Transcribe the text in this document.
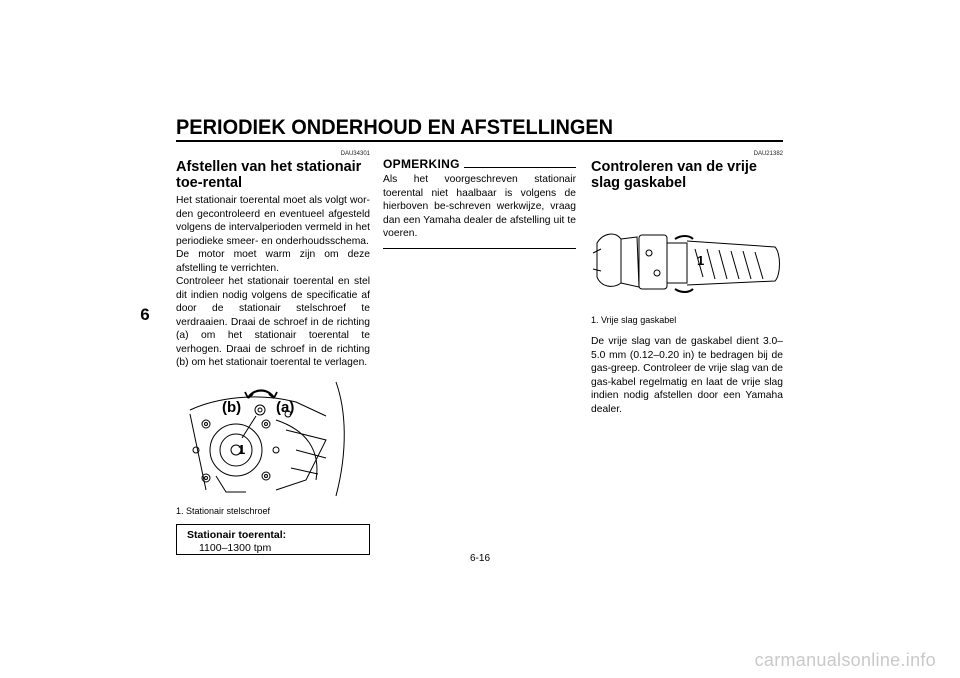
PERIODIEK ONDERHOUD EN AFSTELLINGEN
6
DAU34301
Afstellen van het stationair toe-rental

Het stationair toerental moet als volgt wor-den gecontroleerd en eventueel afgesteld volgens de intervalperioden vermeld in het periodieke smeer- en onderhoudsschema.

De motor moet warm zijn om deze afstelling te verrichten.

Controleer het stationair toerental en stel dit indien nodig volgens de specificatie af door de stationair stelschroef te verdraaien. Draai de schroef in de richting (a) om het stationair toerental te verhogen. Draai de schroef in de richting (b) om het stationair toerental te verlagen.

(b) (a)
1
1. Stationair stelschroef
Stationair toerental:
1100–1300 tpm
OPMERKING

Als het voorgeschreven stationair toerental niet haalbaar is volgens de hierboven be-schreven werkwijze, vraag dan een Yamaha dealer de afstelling uit te voeren.

DAU21382
Controleren van de vrije slag gaskabel
1
1. Vrije slag gaskabel

De vrije slag van de gaskabel dient 3.0–5.0 mm (0.12–0.20 in) te bedragen bij de gas-greep. Controleer de vrije slag van de gas-kabel regelmatig en laat de vrije slag indien nodig afstellen door een Yamaha dealer.

6-16
carmanualsonline.info
